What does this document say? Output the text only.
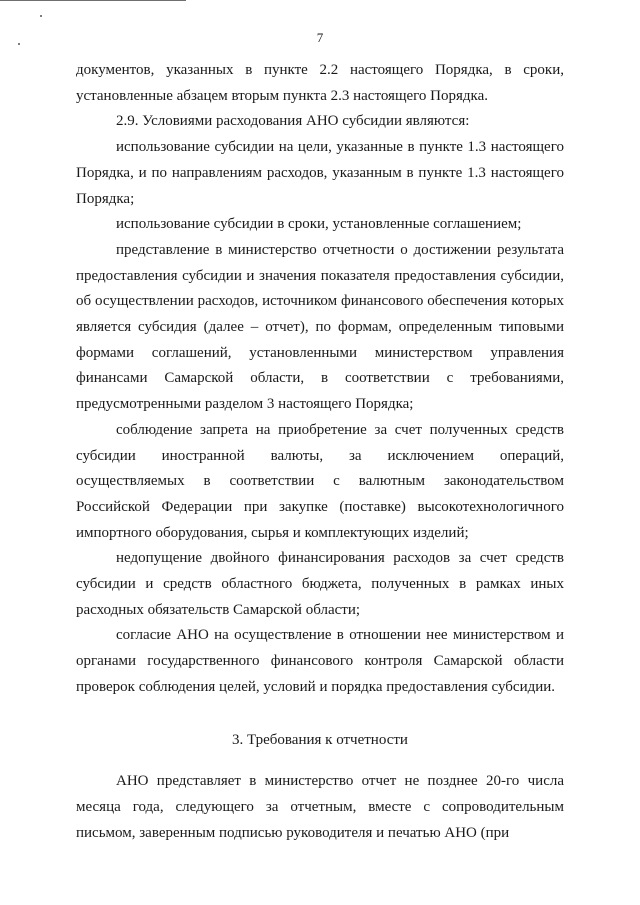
7

документов, указанных в пункте 2.2 настоящего Порядка, в сроки, установленные абзацем вторым пункта 2.3 настоящего Порядка.

2.9. Условиями расходования АНО субсидии являются:

использование субсидии на цели, указанные в пункте 1.3 настоящего Порядка, и по направлениям расходов, указанным в пункте 1.3 настоящего Порядка;

использование субсидии в сроки, установленные соглашением;

представление в министерство отчетности о достижении результата предоставления субсидии и значения показателя предоставления субсидии, об осуществлении расходов, источником финансового обеспечения которых является субсидия (далее – отчет), по формам, определенным типовыми формами соглашений, установленными министерством управления финансами Самарской области, в соответствии с требованиями, предусмотренными разделом 3 настоящего Порядка;

соблюдение запрета на приобретение за счет полученных средств субсидии иностранной валюты, за исключением операций, осуществляемых в соответствии с валютным законодательством Российской Федерации при закупке (поставке) высокотехнологичного импортного оборудования, сырья и комплектующих изделий;

недопущение двойного финансирования расходов за счет средств субсидии и средств областного бюджета, полученных в рамках иных расходных обязательств Самарской области;

согласие АНО на осуществление в отношении нее министерством и органами государственного финансового контроля Самарской области проверок соблюдения целей, условий и порядка предоставления субсидии.

3. Требования к отчетности

АНО представляет в министерство отчет не позднее 20-го числа месяца года, следующего за отчетным, вместе с сопроводительным письмом, заверенным подписью руководителя и печатью АНО (при
